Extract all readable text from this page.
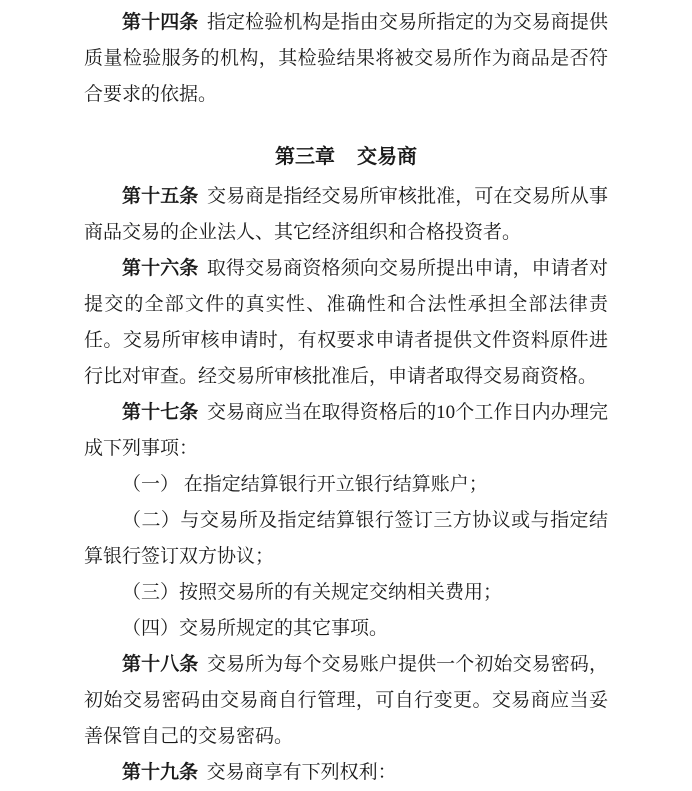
第十四条 指定检验机构是指由交易所指定的为交易商提供质量检验服务的机构，其检验结果将被交易所作为商品是否符合要求的依据。

第三章 交易商

第十五条 交易商是指经交易所审核批准，可在交易所从事商品交易的企业法人、其它经济组织和合格投资者。

第十六条 取得交易商资格须向交易所提出申请，申请者对提交的全部文件的真实性、准确性和合法性承担全部法律责任。交易所审核申请时，有权要求申请者提供文件资料原件进行比对审查。经交易所审核批准后，申请者取得交易商资格。

第十七条 交易商应当在取得资格后的10个工作日内办理完成下列事项：

（一） 在指定结算银行开立银行结算账户；

（二）与交易所及指定结算银行签订三方协议或与指定结算银行签订双方协议；

（三）按照交易所的有关规定交纳相关费用；

（四）交易所规定的其它事项。

第十八条 交易所为每个交易账户提供一个初始交易密码，初始交易密码由交易商自行管理，可自行变更。交易商应当妥善保管自己的交易密码。

第十九条 交易商享有下列权利：
